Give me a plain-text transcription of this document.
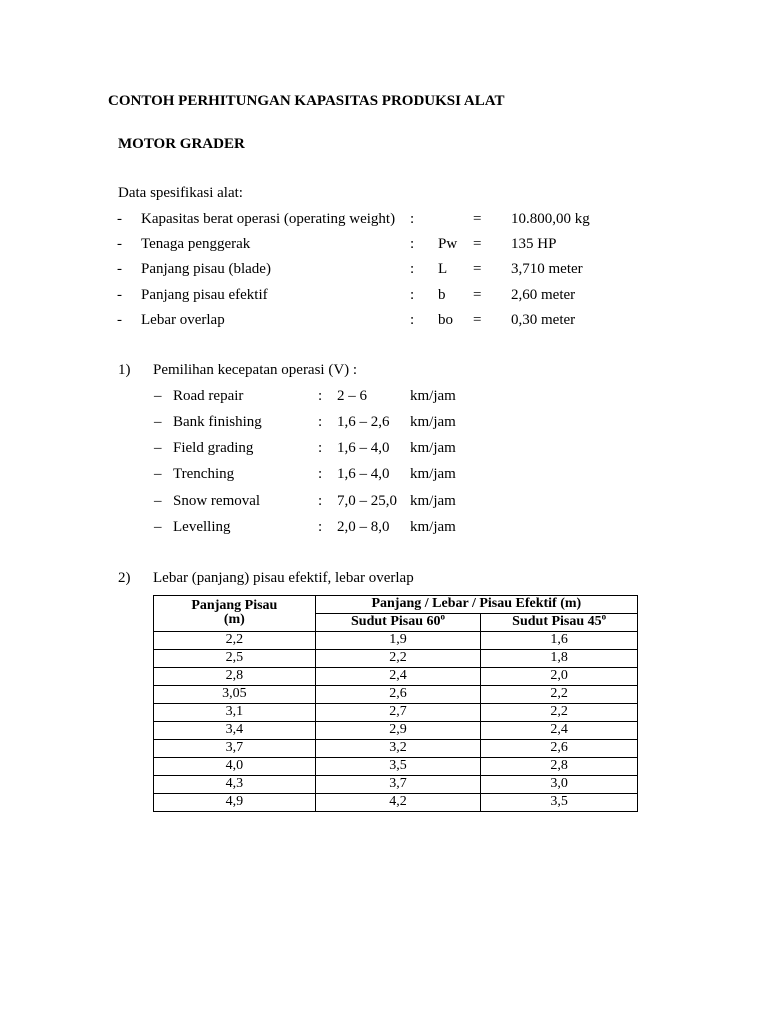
CONTOH PERHITUNGAN KAPASITAS PRODUKSI ALAT
MOTOR GRADER
Data spesifikasi alat:
- Kapasitas berat operasi (operating weight) :	= 10.800,00 kg
- Tenaga penggerak	: Pw = 135 HP
- Panjang pisau (blade)	: L = 3,710 meter
- Panjang pisau efektif	: b = 2,60 meter
- Lebar overlap	: bo = 0,30 meter
1) Pemilihan kecepatan operasi (V) :
– Road repair	: 2 – 6	km/jam
– Bank finishing	: 1,6 – 2,6 km/jam
– Field grading	: 1,6 – 4,0 km/jam
– Trenching	: 1,6 – 4,0 km/jam
– Snow removal	: 7,0 – 25,0 km/jam
– Levelling	: 2,0 – 8,0 km/jam
2) Lebar (panjang) pisau efektif, lebar overlap
Panjang Pisau
(m)	Panjang / Lebar / Pisau Efektif (m)	
	Sudut Pisau 60$^o$	Sudut Pisau 45$^o$
2,2	1,9	1,6
2,5	2,2	1,8
2,8	2,4	2,0
3,05	2,6	2,2
3,1	2,7	2,2
3,4	2,9	2,4
3,7	3,2	2,6
4,0	3,5	2,8
4,3	3,7	3,0
4,9	4,2	3,5
